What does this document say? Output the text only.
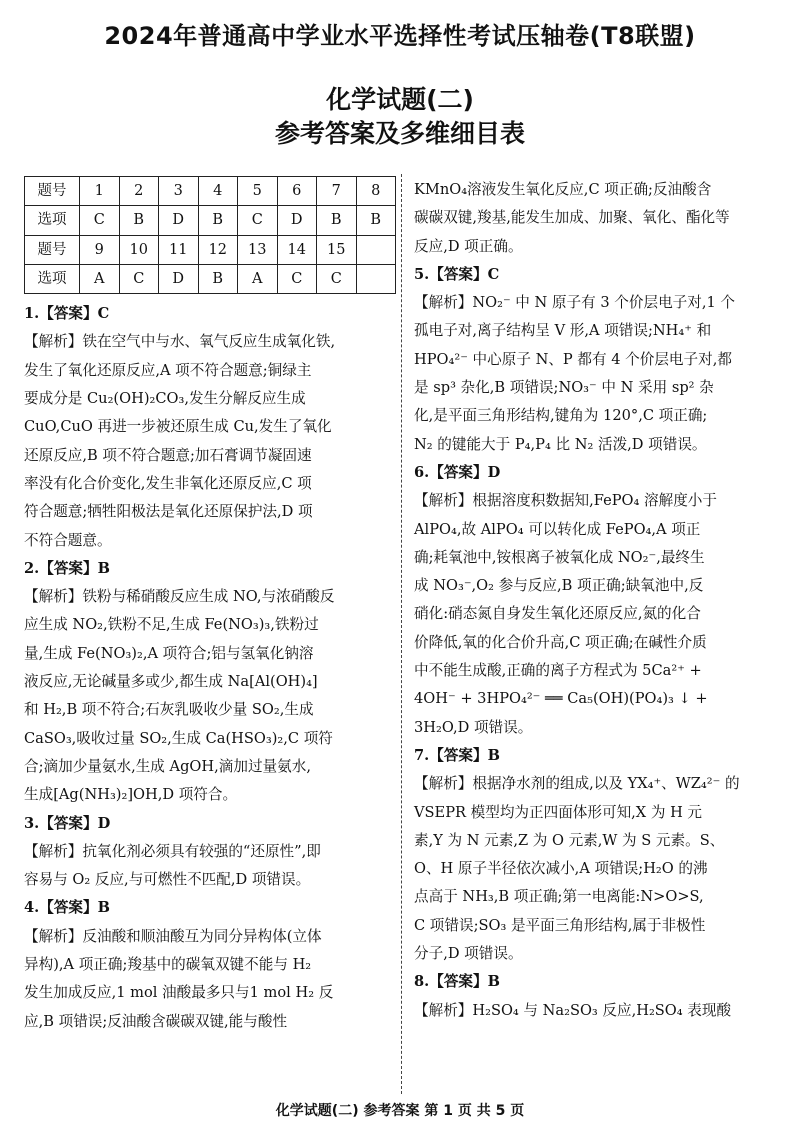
2024年普通高中学业水平选择性考试压轴卷(T8联盟)
化学试题(二)
参考答案及多维细目表
题号	1	2	3	4	5	6	7	8
选项	C	B	D	B	C	D	B	B
题号	9	10	11	12	13	14	15	
选项	A	C	D	B	A	C	C	
1.【答案】C
【解析】铁在空气中与水、氧气反应生成氧化铁,
发生了氧化还原反应,A 项不符合题意;铜绿主
要成分是 Cu₂(OH)₂CO₃,发生分解反应生成
CuO,CuO 再进一步被还原生成 Cu,发生了氧化
还原反应,B 项不符合题意;加石膏调节凝固速
率没有化合价变化,发生非氧化还原反应,C 项
符合题意;牺牲阳极法是氧化还原保护法,D 项
不符合题意。
2.【答案】B
【解析】铁粉与稀硝酸反应生成 NO,与浓硝酸反
应生成 NO₂,铁粉不足,生成 Fe(NO₃)₃,铁粉过
量,生成 Fe(NO₃)₂,A 项符合;铝与氢氧化钠溶
液反应,无论碱量多或少,都生成 Na[Al(OH)₄]
和 H₂,B 项不符合;石灰乳吸收少量 SO₂,生成
CaSO₃,吸收过量 SO₂,生成 Ca(HSO₃)₂,C 项符
合;滴加少量氨水,生成 AgOH,滴加过量氨水,
生成[Ag(NH₃)₂]OH,D 项符合。
3.【答案】D
【解析】抗氧化剂必须具有较强的“还原性”,即
容易与 O₂ 反应,与可燃性不匹配,D 项错误。
4.【答案】B
【解析】反油酸和顺油酸互为同分异构体(立体
异构),A 项正确;羧基中的碳氧双键不能与 H₂
发生加成反应,1 mol 油酸最多只与1 mol H₂ 反
应,B 项错误;反油酸含碳碳双键,能与酸性
KMnO₄溶液发生氧化反应,C 项正确;反油酸含
碳碳双键,羧基,能发生加成、加聚、氧化、酯化等
反应,D 项正确。
5.【答案】C
【解析】NO₂⁻ 中 N 原子有 3 个价层电子对,1 个
孤电子对,离子结构呈 V 形,A 项错误;NH₄⁺ 和
HPO₄²⁻ 中心原子 N、P 都有 4 个价层电子对,都
是 sp³ 杂化,B 项错误;NO₃⁻ 中 N 采用 sp² 杂
化,是平面三角形结构,键角为 120°,C 项正确;
N₂ 的键能大于 P₄,P₄ 比 N₂ 活泼,D 项错误。
6.【答案】D
【解析】根据溶度积数据知,FePO₄ 溶解度小于
AlPO₄,故 AlPO₄ 可以转化成 FePO₄,A 项正
确;耗氧池中,铵根离子被氧化成 NO₂⁻,最终生
成 NO₃⁻,O₂ 参与反应,B 项正确;缺氧池中,反
硝化:硝态氮自身发生氧化还原反应,氮的化合
价降低,氧的化合价升高,C 项正确;在碱性介质
中不能生成酸,正确的离子方程式为 5Ca²⁺ +
4OH⁻ + 3HPO₄²⁻ ══ Ca₅(OH)(PO₄)₃ ↓ +
3H₂O,D 项错误。
7.【答案】B
【解析】根据净水剂的组成,以及 YX₄⁺、WZ₄²⁻ 的
VSEPR 模型均为正四面体形可知,X 为 H 元
素,Y 为 N 元素,Z 为 O 元素,W 为 S 元素。S、
O、H 原子半径依次减小,A 项错误;H₂O 的沸
点高于 NH₃,B 项正确;第一电离能:N>O>S,
C 项错误;SO₃ 是平面三角形结构,属于非极性
分子,D 项错误。
8.【答案】B
【解析】H₂SO₄ 与 Na₂SO₃ 反应,H₂SO₄ 表现酸
化学试题(二) 参考答案 第 1 页 共 5 页
